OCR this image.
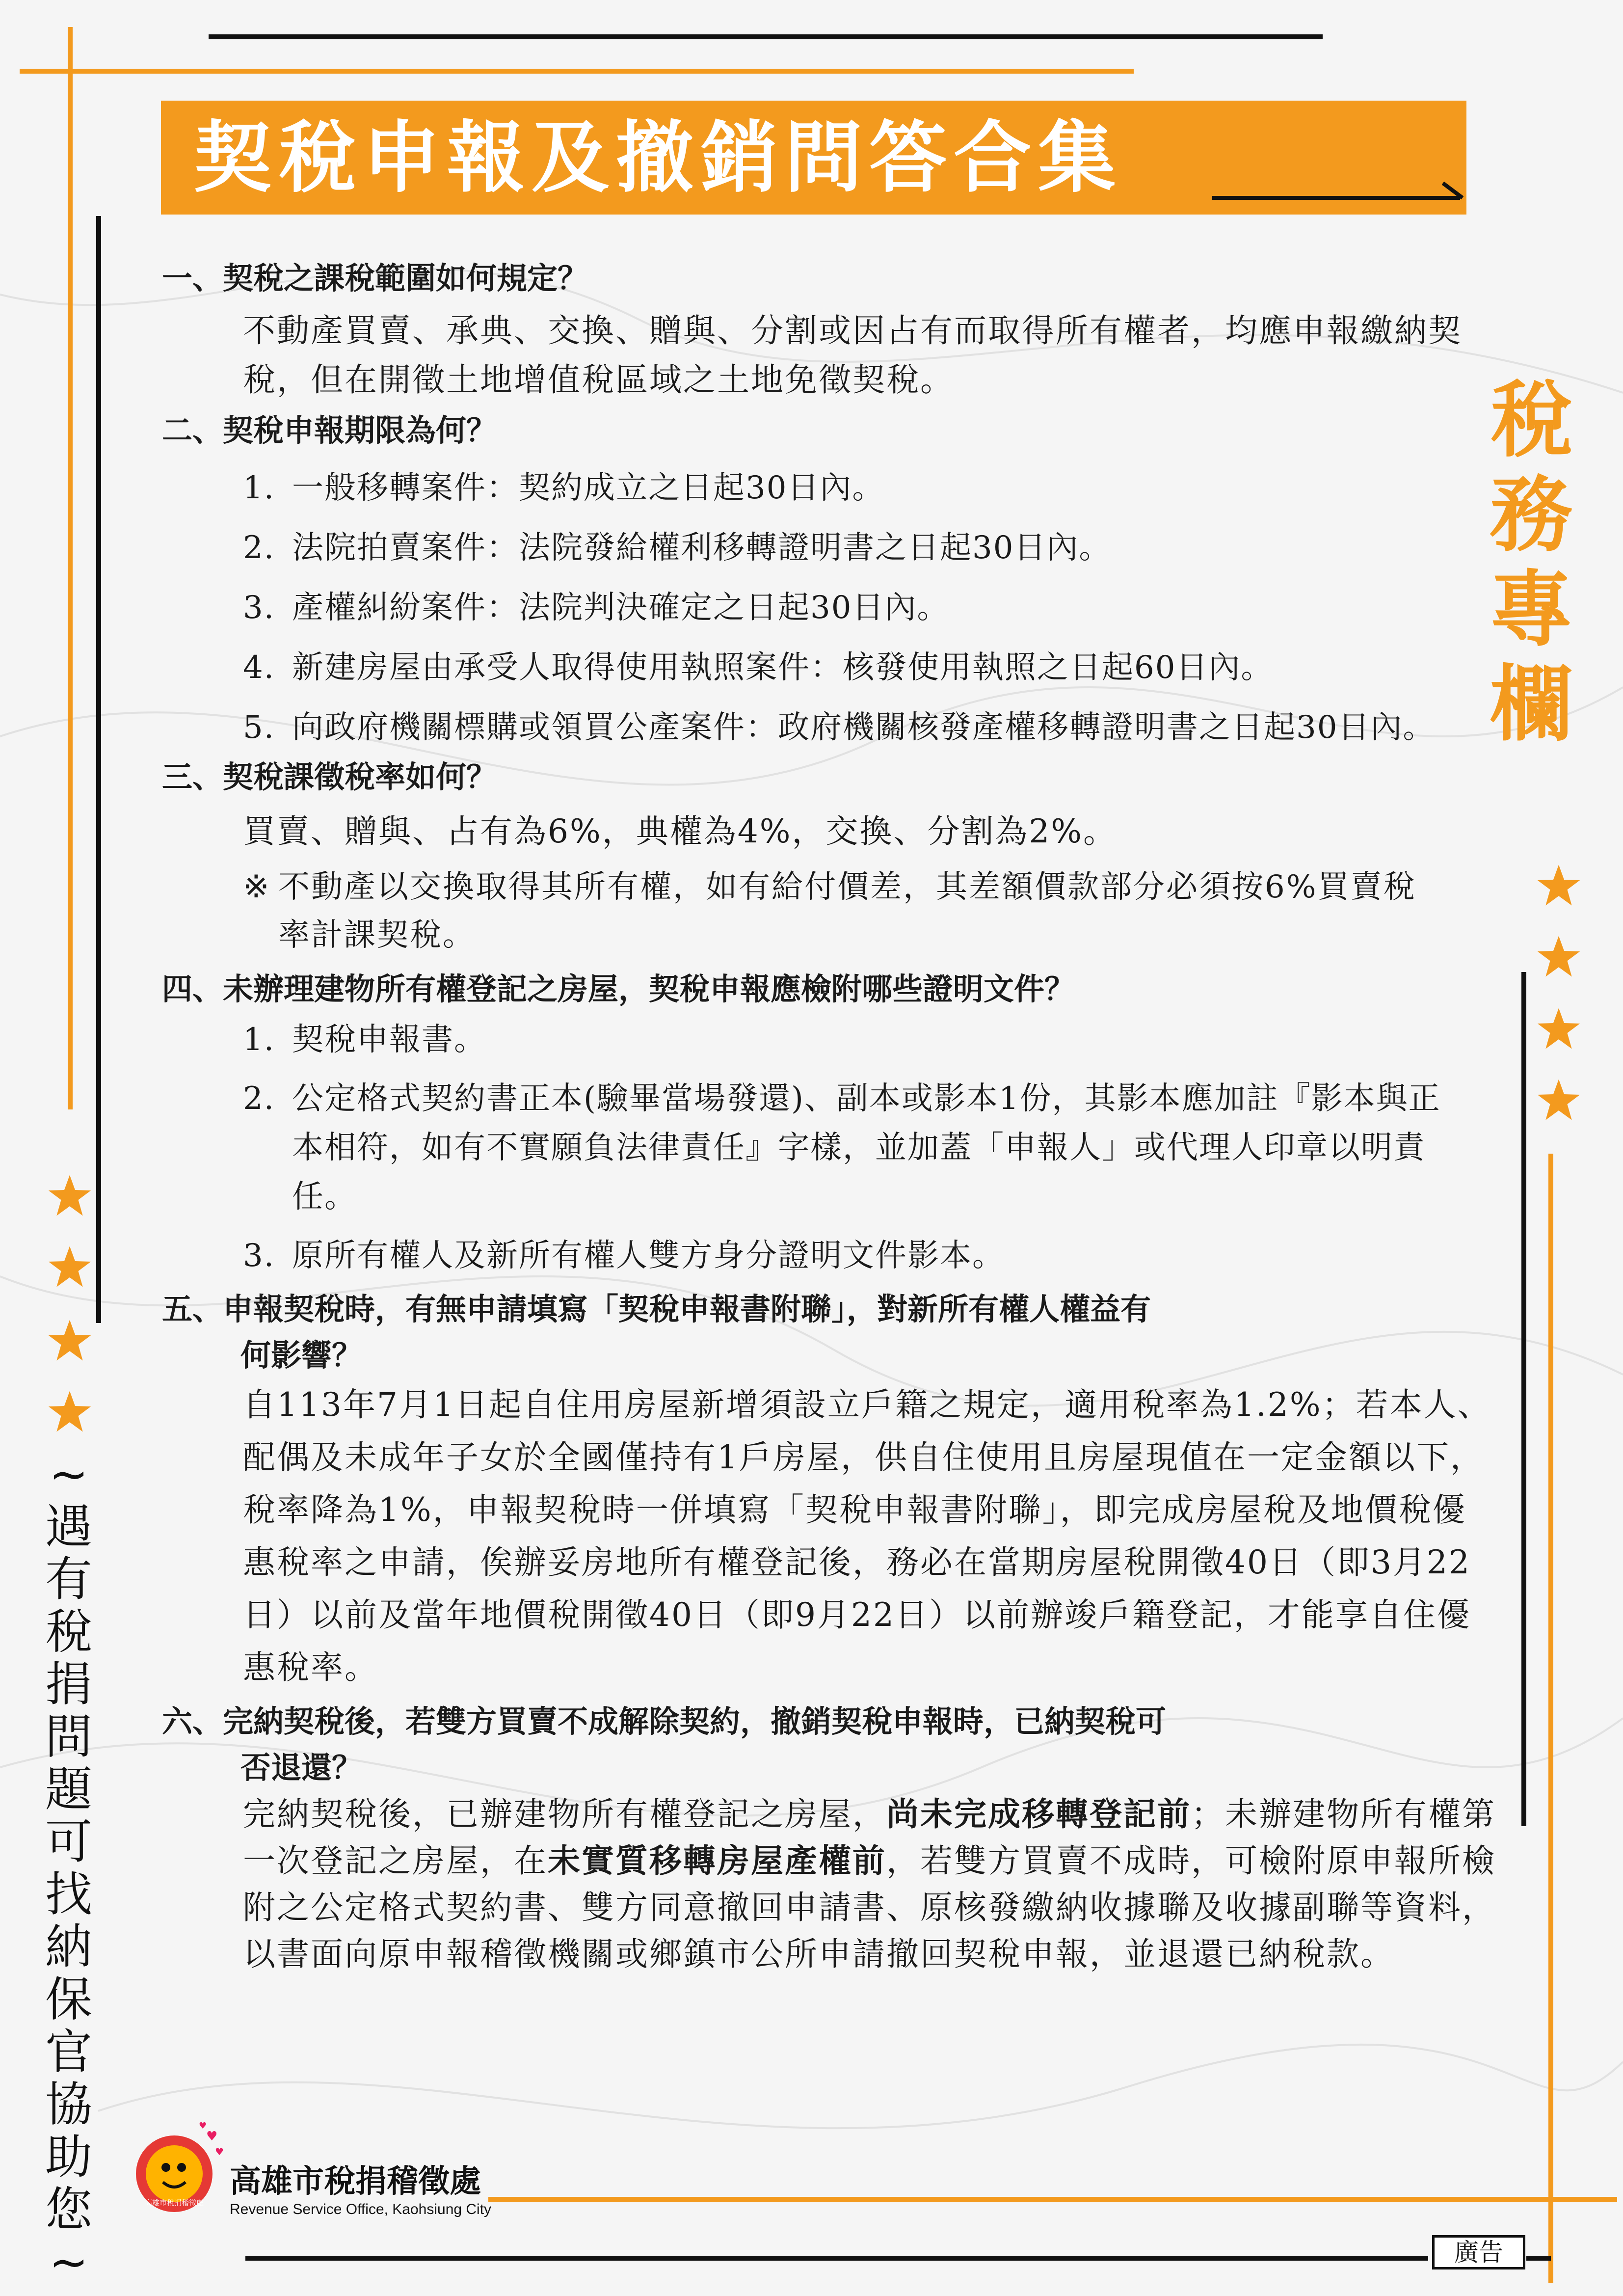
契稅申報及撤銷問答合集
稅
務
專
欄
~
遇
有
稅
捐
問
題
可
找
納
保
官
協
助
您
~

一、契稅之課稅範圍如何規定？

不動產買賣、承典、交換、贈與、分割或因占有而取得所有權者，均應申報繳納契稅，但在開徵土地增值稅區域之土地免徵契稅。

二、契稅申報期限為何？

1. 一般移轉案件：契約成立之日起30日內。
2. 法院拍賣案件：法院發給權利移轉證明書之日起30日內。
3. 產權糾紛案件：法院判決確定之日起30日內。
4. 新建房屋由承受人取得使用執照案件：核發使用執照之日起60日內。
5. 向政府機關標購或領買公產案件：政府機關核發產權移轉證明書之日起30日內。

三、契稅課徵稅率如何？

買賣、贈與、占有為6%，典權為4%，交換、分割為2%。

※ 不動產以交換取得其所有權，如有給付價差，其差額價款部分必須按6%買賣稅率計課契稅。

四、未辦理建物所有權登記之房屋，契稅申報應檢附哪些證明文件？

1. 契稅申報書。
2. 公定格式契約書正本(驗畢當場發還)、副本或影本1份，其影本應加註『影本與正本相符，如有不實願負法律責任』字樣，並加蓋「申報人」或代理人印章以明責任。
3. 原所有權人及新所有權人雙方身分證明文件影本。

五、申報契稅時，有無申請填寫「契稅申報書附聯」，對新所有權人權益有

何影響？

自113年7月1日起自住用房屋新增須設立戶籍之規定，適用稅率為1.2%；若本人、配偶及未成年子女於全國僅持有1戶房屋，供自住使用且房屋現值在一定金額以下，稅率降為1%，申報契稅時一併填寫「契稅申報書附聯」，即完成房屋稅及地價稅優惠稅率之申請，俟辦妥房地所有權登記後，務必在當期房屋稅開徵40日（即3月22日）以前及當年地價稅開徵40日（即9月22日）以前辦竣戶籍登記，才能享自住優惠稅率。

六、完納契稅後，若雙方買賣不成解除契約，撤銷契稅申報時，已納契稅可

否退還？

完納契稅後，已辦建物所有權登記之房屋，尚未完成移轉登記前；未辦建物所有權第一次登記之房屋，在未實質移轉房屋產權前，若雙方買賣不成時，可檢附原申報所檢附之公定格式契約書、雙方同意撤回申請書、原核發繳納收據聯及收據副聯等資料，以書面向原申報稽徵機關或鄉鎮市公所申請撤回契稅申報，並退還已納稅款。

高雄市稅捐稽徵處
♥
♥
♥
高雄市稅捐稽徵處
Revenue Service Office, Kaohsiung City
廣告
